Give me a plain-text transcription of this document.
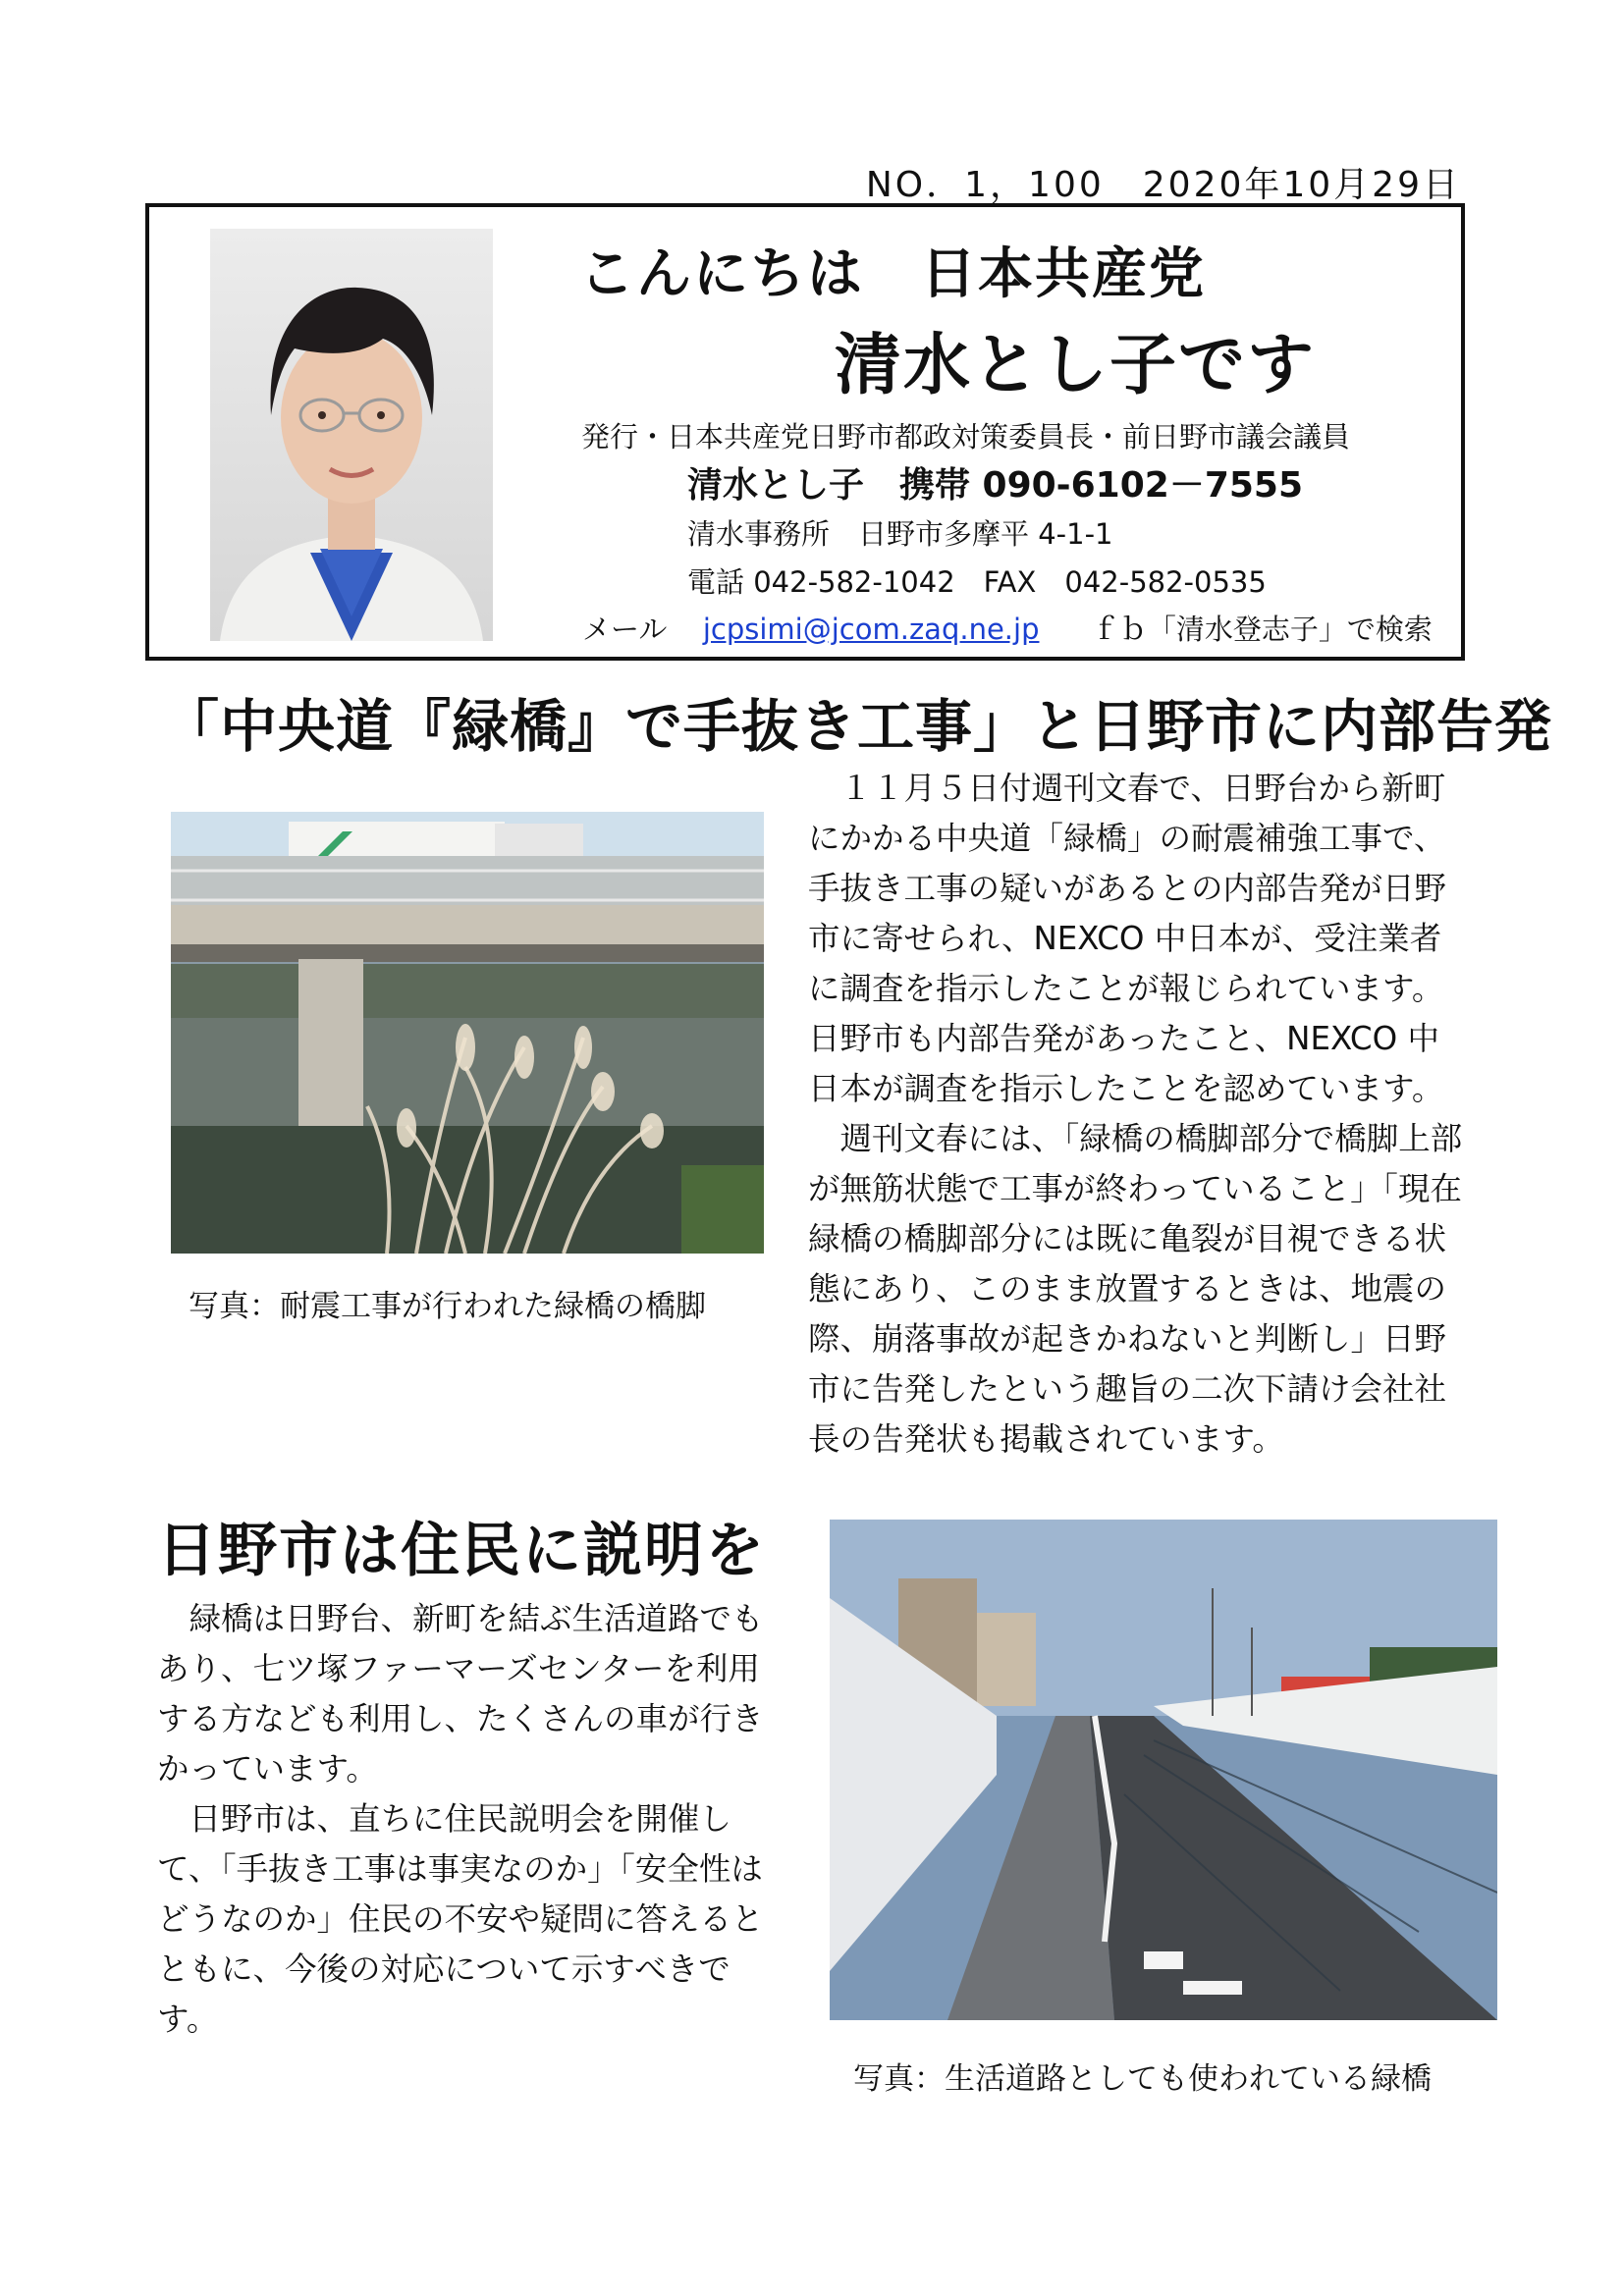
NO．1，100　2020年10月29日
こんにちは　日本共産党
清水とし子です
発行・日本共産党日野市都政対策委員長・前日野市議会議員
清水とし子　携帯 090-6102－7555
清水事務所　日野市多摩平 4-1-1
電話 042-582-1042　FAX　042-582-0535
メール jcpsimi@jcom.zaq.ne.jp ｆｂ「清水登志子」で検索
「中央道『緑橋』で手抜き工事」と日野市に内部告発
写真：耐震工事が行われた緑橋の橋脚

１１月５日付週刊文春で、日野台から新町にかかる中央道「緑橋」の耐震補強工事で、手抜き工事の疑いがあるとの内部告発が日野市に寄せられ、NEXCO 中日本が、受注業者に調査を指示したことが報じられています。日野市も内部告発があったこと、NEXCO 中日本が調査を指示したことを認めています。

週刊文春には、「緑橋の橋脚部分で橋脚上部が無筋状態で工事が終わっていること」「現在緑橋の橋脚部分には既に亀裂が目視できる状態にあり、このまま放置するときは、地震の際、崩落事故が起きかねないと判断し」日野市に告発したという趣旨の二次下請け会社社長の告発状も掲載されています。

日野市は住民に説明を

緑橋は日野台、新町を結ぶ生活道路でもあり、七ツ塚ファーマーズセンターを利用する方なども利用し、たくさんの車が行きかっています。

日野市は、直ちに住民説明会を開催して、「手抜き工事は事実なのか」「安全性はどうなのか」住民の不安や疑問に答えるとともに、今後の対応について示すべきです。

写真：生活道路としても使われている緑橋
